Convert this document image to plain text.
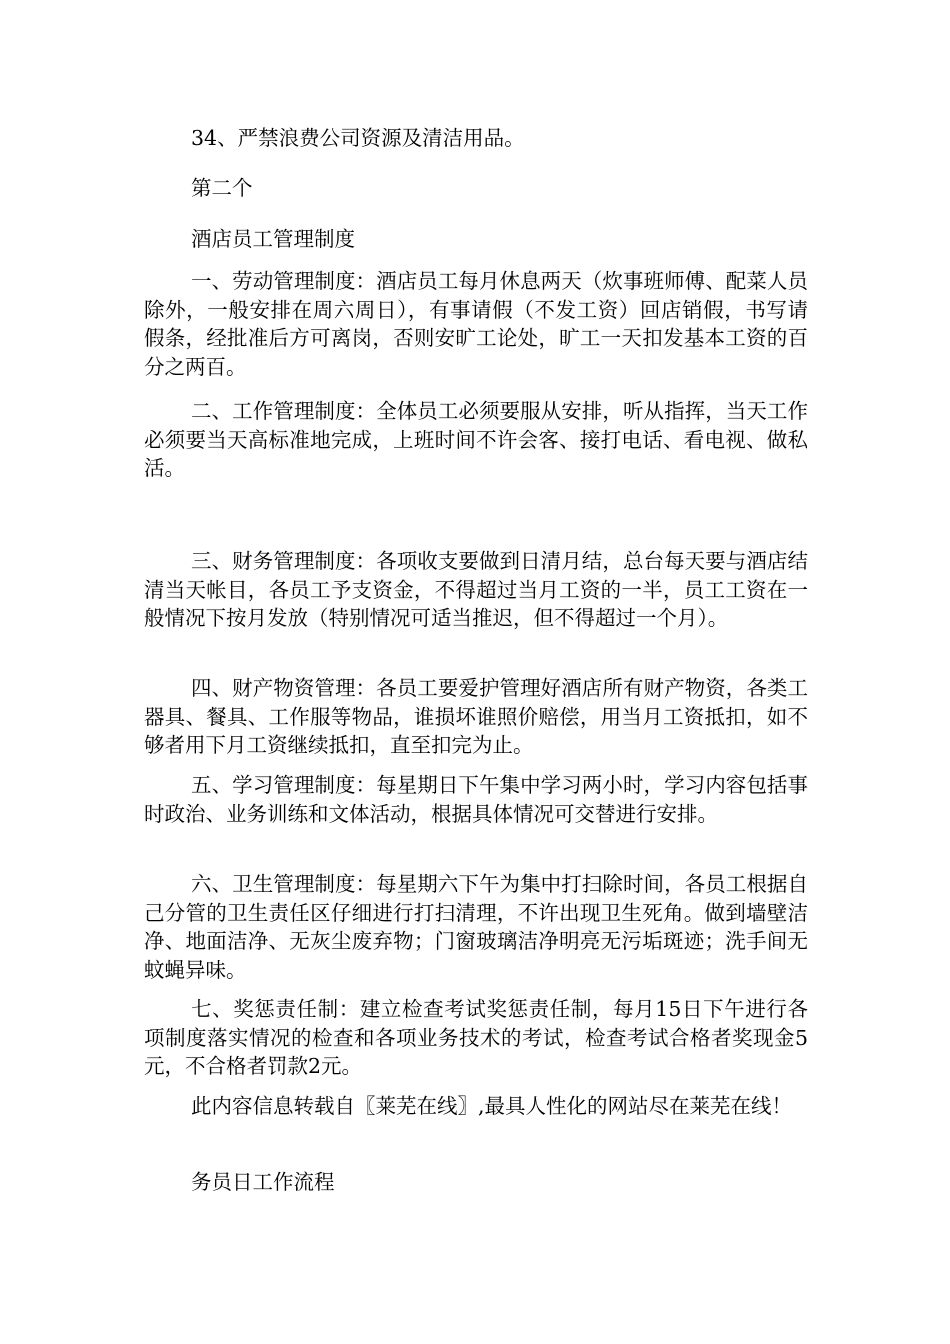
34、严禁浪费公司资源及清洁用品。

第二个

酒店员工管理制度

一、劳动管理制度：酒店员工每月休息两天（炊事班师傅、配菜人员除外，一般安排在周六周日），有事请假（不发工资）回店销假，书写请假条，经批准后方可离岗，否则安旷工论处，旷工一天扣发基本工资的百分之两百。

二、工作管理制度：全体员工必须要服从安排，听从指挥，当天工作必须要当天高标准地完成，上班时间不许会客、接打电话、看电视、做私活。

三、财务管理制度：各项收支要做到日清月结，总台每天要与酒店结清当天帐目，各员工予支资金，不得超过当月工资的一半，员工工资在一般情况下按月发放（特别情况可适当推迟，但不得超过一个月）。

四、财产物资管理：各员工要爱护管理好酒店所有财产物资，各类工器具、餐具、工作服等物品，谁损坏谁照价赔偿，用当月工资抵扣，如不够者用下月工资继续抵扣，直至扣完为止。

五、学习管理制度：每星期日下午集中学习两小时，学习内容包括事时政治、业务训练和文体活动，根据具体情况可交替进行安排。

六、卫生管理制度：每星期六下午为集中打扫除时间，各员工根据自己分管的卫生责任区仔细进行打扫清理，不许出现卫生死角。做到墙壁洁净、地面洁净、无灰尘废弃物；门窗玻璃洁净明亮无污垢斑迹；洗手间无蚊蝇异味。

七、奖惩责任制：建立检查考试奖惩责任制，每月15日下午进行各项制度落实情况的检查和各项业务技术的考试，检查考试合格者奖现金5元，不合格者罚款2元。

此内容信息转载自〖莱芜在线〗,最具人性化的网站尽在莱芜在线！

务员日工作流程
